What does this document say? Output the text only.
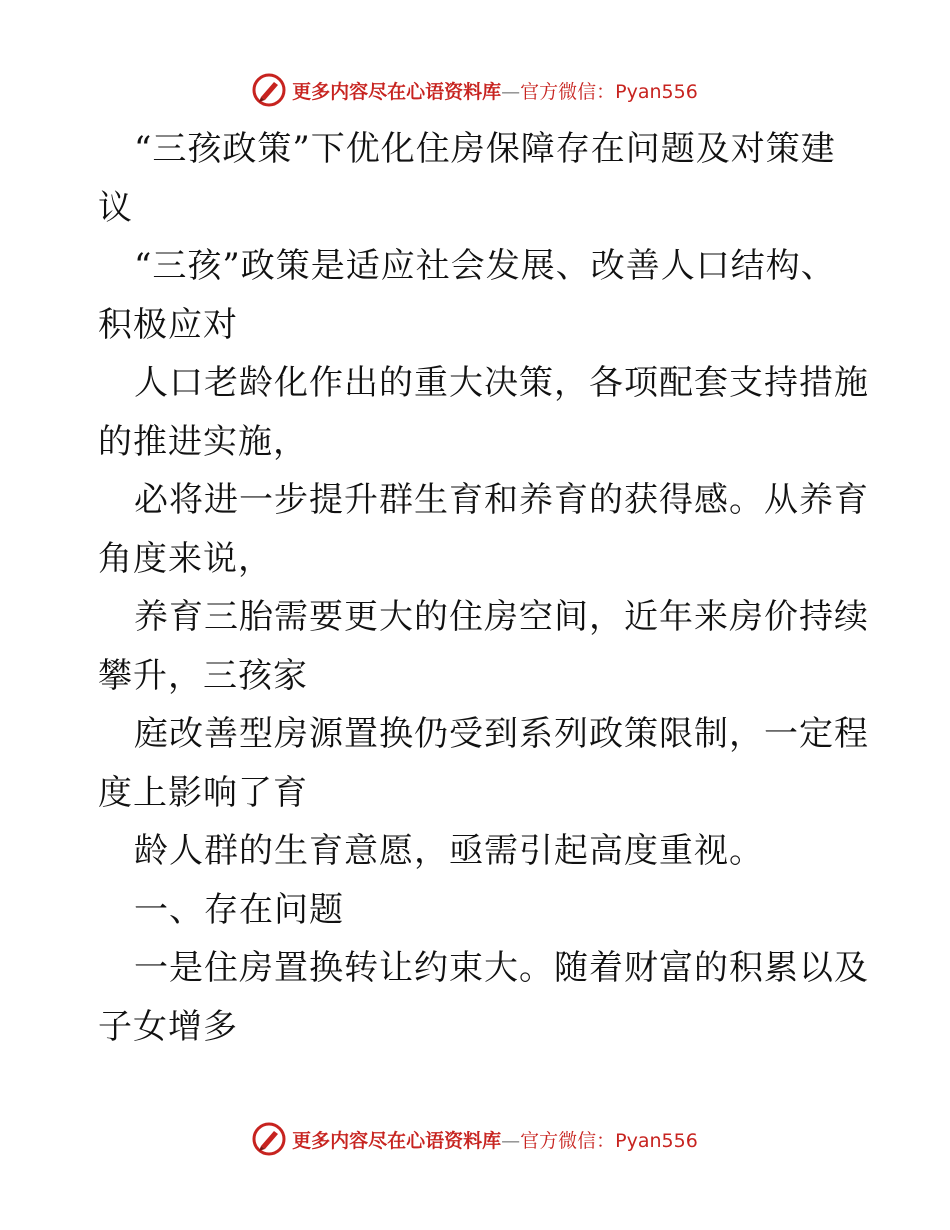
更多内容尽在心语资料库—官方微信：Pyan556
“三孩政策”下优化住房保障存在问题及对策建
议
“三孩”政策是适应社会发展、改善人口结构、
积极应对
人口老龄化作出的重大决策，各项配套支持措施
的推进实施，
必将进一步提升群生育和养育的获得感。从养育
角度来说，
养育三胎需要更大的住房空间，近年来房价持续
攀升，三孩家
庭改善型房源置换仍受到系列政策限制，一定程
度上影响了育
龄人群的生育意愿，亟需引起高度重视。
一、存在问题
一是住房置换转让约束大。随着财富的积累以及
子女增多
更多内容尽在心语资料库—官方微信：Pyan556
